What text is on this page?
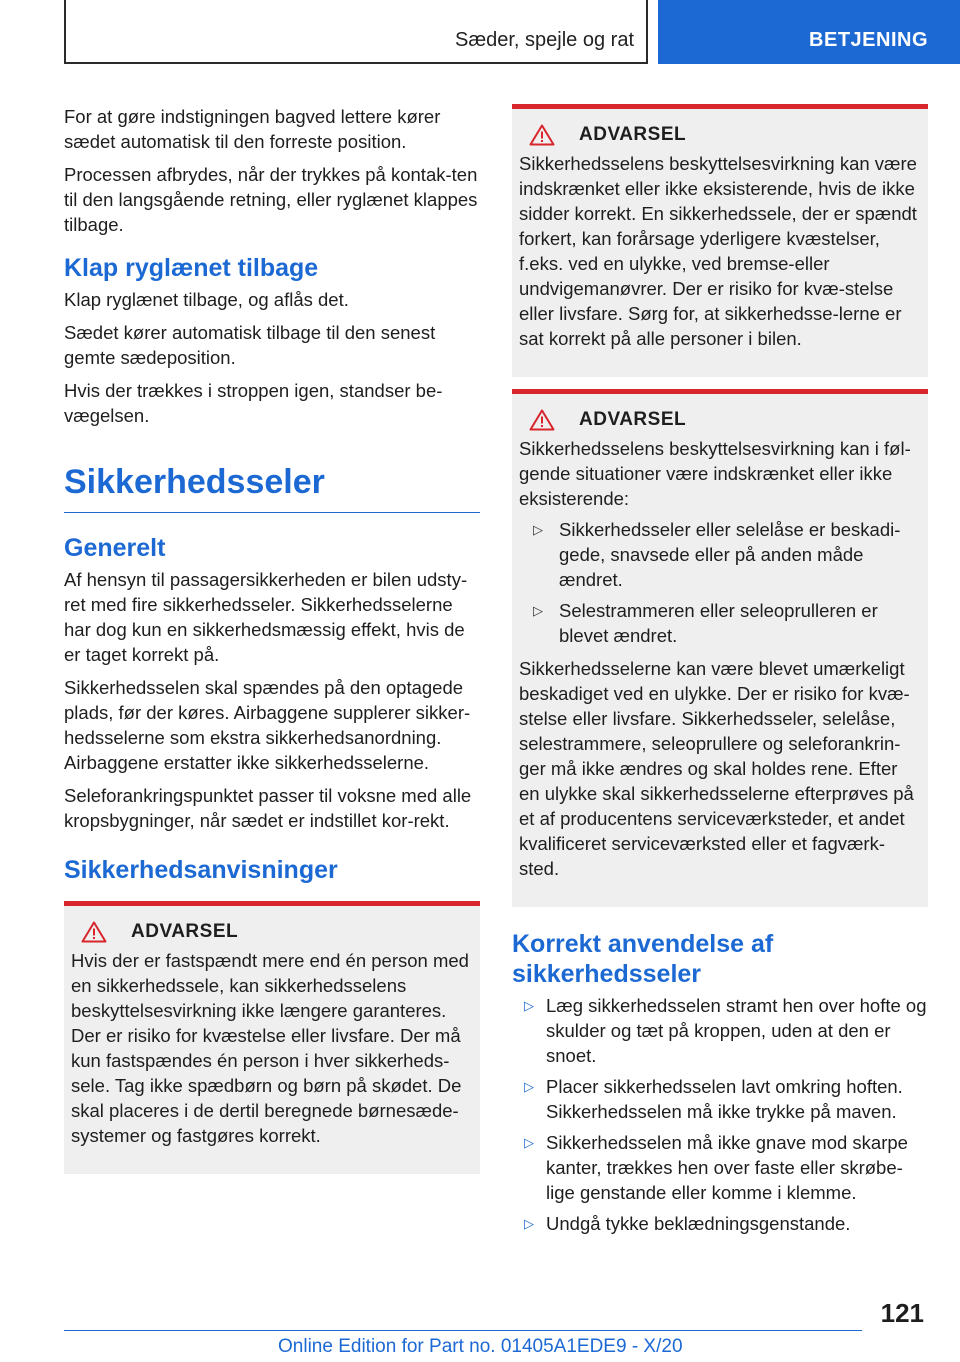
Sæder, spejle og rat	BETJENING

For at gøre indstigningen bagved lettere kører sædet automatisk til den forreste position.

Processen afbrydes, når der trykkes på kontak-ten til den langsgående retning, eller ryglænet klappes tilbage.

Klap ryglænet tilbage

Klap ryglænet tilbage, og aflås det.

Sædet kører automatisk tilbage til den senest gemte sædeposition.

Hvis der trækkes i stroppen igen, standser be-vægelsen.

Sikkerhedsseler
Generelt

Af hensyn til passagersikkerheden er bilen udsty-ret med fire sikkerhedsseler. Sikkerhedsselerne har dog kun en sikkerhedsmæssig effekt, hvis de er taget korrekt på.

Sikkerhedsselen skal spændes på den optagede plads, før der køres. Airbaggene supplerer sikker-hedsselerne som ekstra sikkerhedsanordning. Airbaggene erstatter ikke sikkerhedsselerne.

Seleforankringspunktet passer til voksne med alle kropsbygninger, når sædet er indstillet kor-rekt.

Sikkerhedsanvisninger
ADVARSEL

Hvis der er fastspændt mere end én person med en sikkerhedssele, kan sikkerhedsselens beskyttelsesvirkning ikke længere garanteres. Der er risiko for kvæstelse eller livsfare. Der må kun fastspændes én person i hver sikkerheds-sele. Tag ikke spædbørn og børn på skødet. De skal placeres i de dertil beregnede børnesæde-systemer og fastgøres korrekt.

ADVARSEL

Sikkerhedsselens beskyttelsesvirkning kan være indskrænket eller ikke eksisterende, hvis de ikke sidder korrekt. En sikkerhedssele, der er spændt forkert, kan forårsage yderligere kvæstelser, f.eks. ved en ulykke, ved bremse-eller undvigemanøvrer. Der er risiko for kvæ-stelse eller livsfare. Sørg for, at sikkerhedsse-lerne er sat korrekt på alle personer i bilen.

ADVARSEL

Sikkerhedsselens beskyttelsesvirkning kan i føl-gende situationer være indskrænket eller ikke eksisterende:

▷ Sikkerhedsseler eller selelåse er beskadi-gede, snavsede eller på anden måde ændret.
▷ Selestrammeren eller seleoprulleren er blevet ændret.

Sikkerhedsselerne kan være blevet umærkeligt beskadiget ved en ulykke. Der er risiko for kvæ-stelse eller livsfare. Sikkerhedsseler, selelåse, selestrammere, seleoprullere og seleforankrin-ger må ikke ændres og skal holdes rene. Efter en ulykke skal sikkerhedsselerne efterprøves på et af producentens serviceværksteder, et andet kvalificeret serviceværksted eller et fagværk-sted.

Korrekt anvendelse af sikkerhedsseler
▷ Læg sikkerhedsselen stramt hen over hofte og skulder og tæt på kroppen, uden at den er snoet.
▷ Placer sikkerhedsselen lavt omkring hoften. Sikkerhedsselen må ikke trykke på maven.
▷ Sikkerhedsselen må ikke gnave mod skarpe kanter, trækkes hen over faste eller skrøbe-lige genstande eller komme i klemme.
▷ Undgå tykke beklædningsgenstande.
121
Online Edition for Part no. 01405A1EDE9 - X/20
